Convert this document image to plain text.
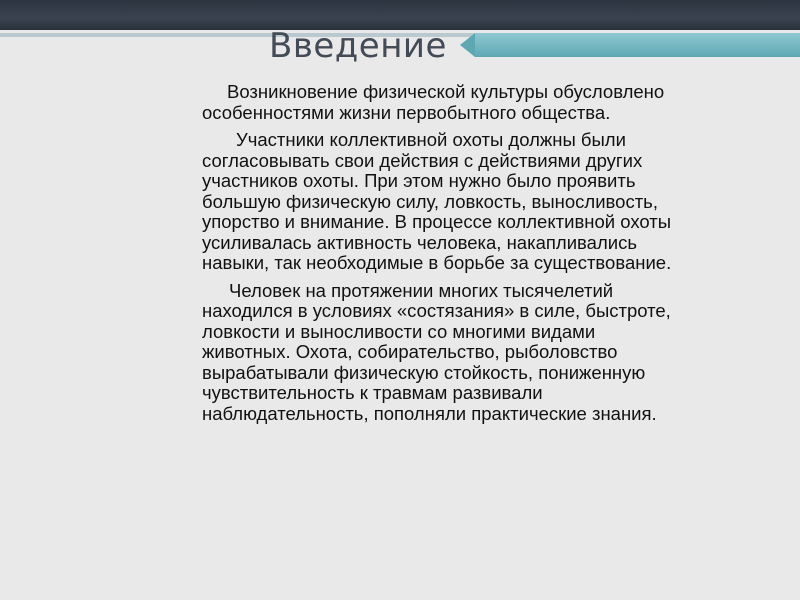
Введение

Возникновение физической культуры обусловлено особенностями жизни первобытного общества.

Участники коллективной охоты должны были согласовывать свои действия с действиями других участников охоты. При этом нужно было проявить большую физическую силу, ловкость, выносливость, упорство и внимание. В процессе коллективной охоты усиливалась активность человека, накапливались навыки, так необходимые в борьбе за существование.

Человек на протяжении многих тысячелетий находился в условиях «состязания» в силе, быстроте, ловкости и выносливости со многими видами животных. Охота, собирательство, рыболовство вырабатывали физическую стойкость, пониженную чувствительность к травмам развивали наблюдательность, пополняли практические знания.
